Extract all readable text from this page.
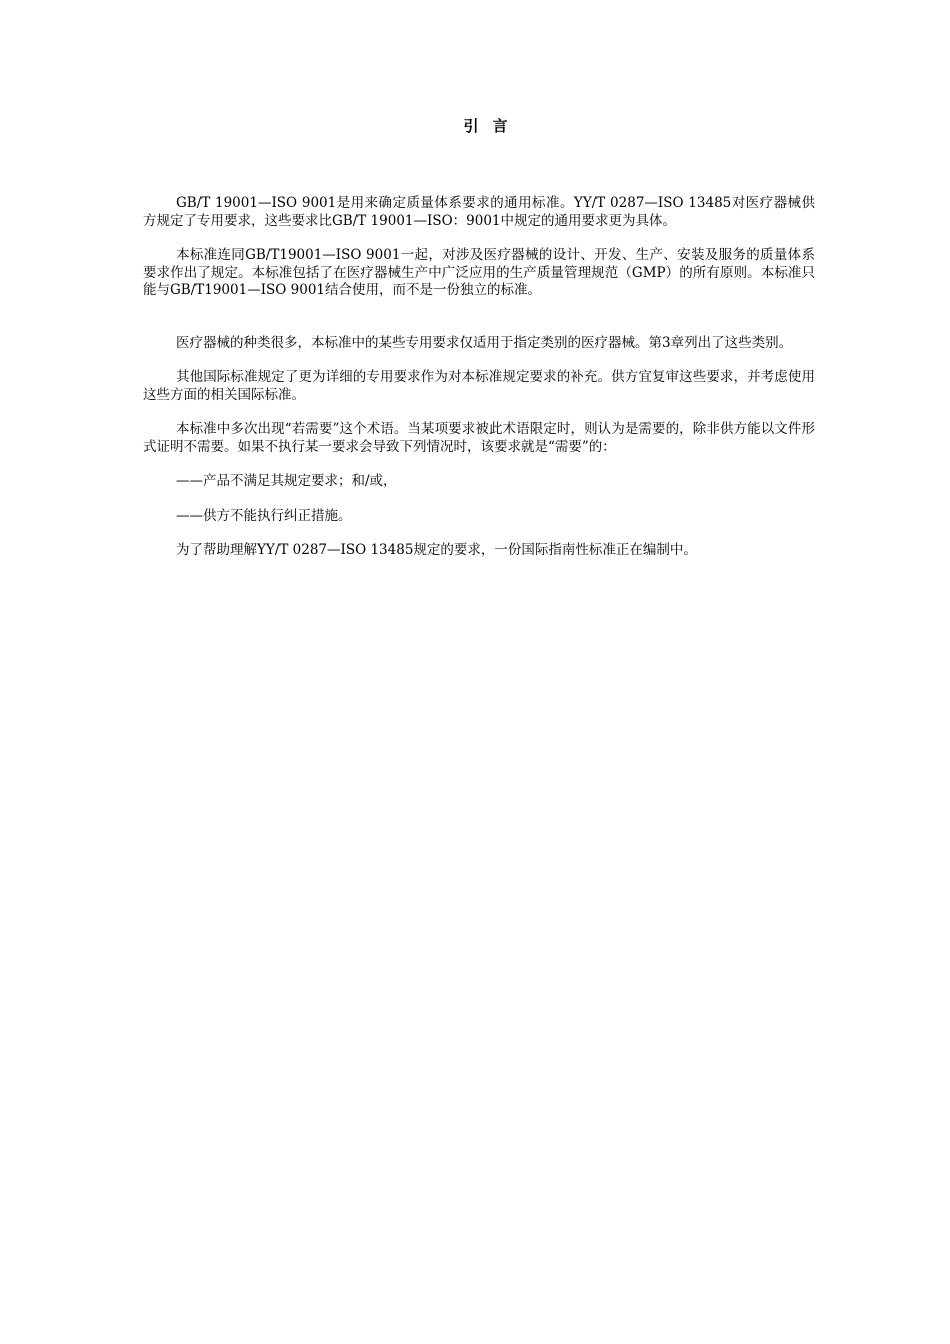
引言

GB/T 19001—ISO 9001是用来确定质量体系要求的通用标准。YY/T 0287—ISO 13485对医疗器械供方规定了专用要求，这些要求比GB/T 19001—ISO：9001中规定的通用要求更为具体。

本标准连同GB/T19001—ISO 9001一起，对涉及医疗器械的设计、开发、生产、安装及服务的质量体系要求作出了规定。本标准包括了在医疗器械生产中广泛应用的生产质量管理规范（GMP）的所有原则。本标准只能与GB/T19001—ISO 9001结合使用，而不是一份独立的标准。

医疗器械的种类很多，本标准中的某些专用要求仅适用于指定类别的医疗器械。第3章列出了这些类别。

其他国际标准规定了更为详细的专用要求作为对本标准规定要求的补充。供方宜复审这些要求，并考虑使用这些方面的相关国际标准。

本标准中多次出现“若需要”这个术语。当某项要求被此术语限定时，则认为是需要的，除非供方能以文件形式证明不需要。如果不执行某一要求会导致下列情况时，该要求就是“需要”的：

——产品不满足其规定要求；和/或，

——供方不能执行纠正措施。

为了帮助理解YY/T 0287—ISO 13485规定的要求，一份国际指南性标准正在编制中。
